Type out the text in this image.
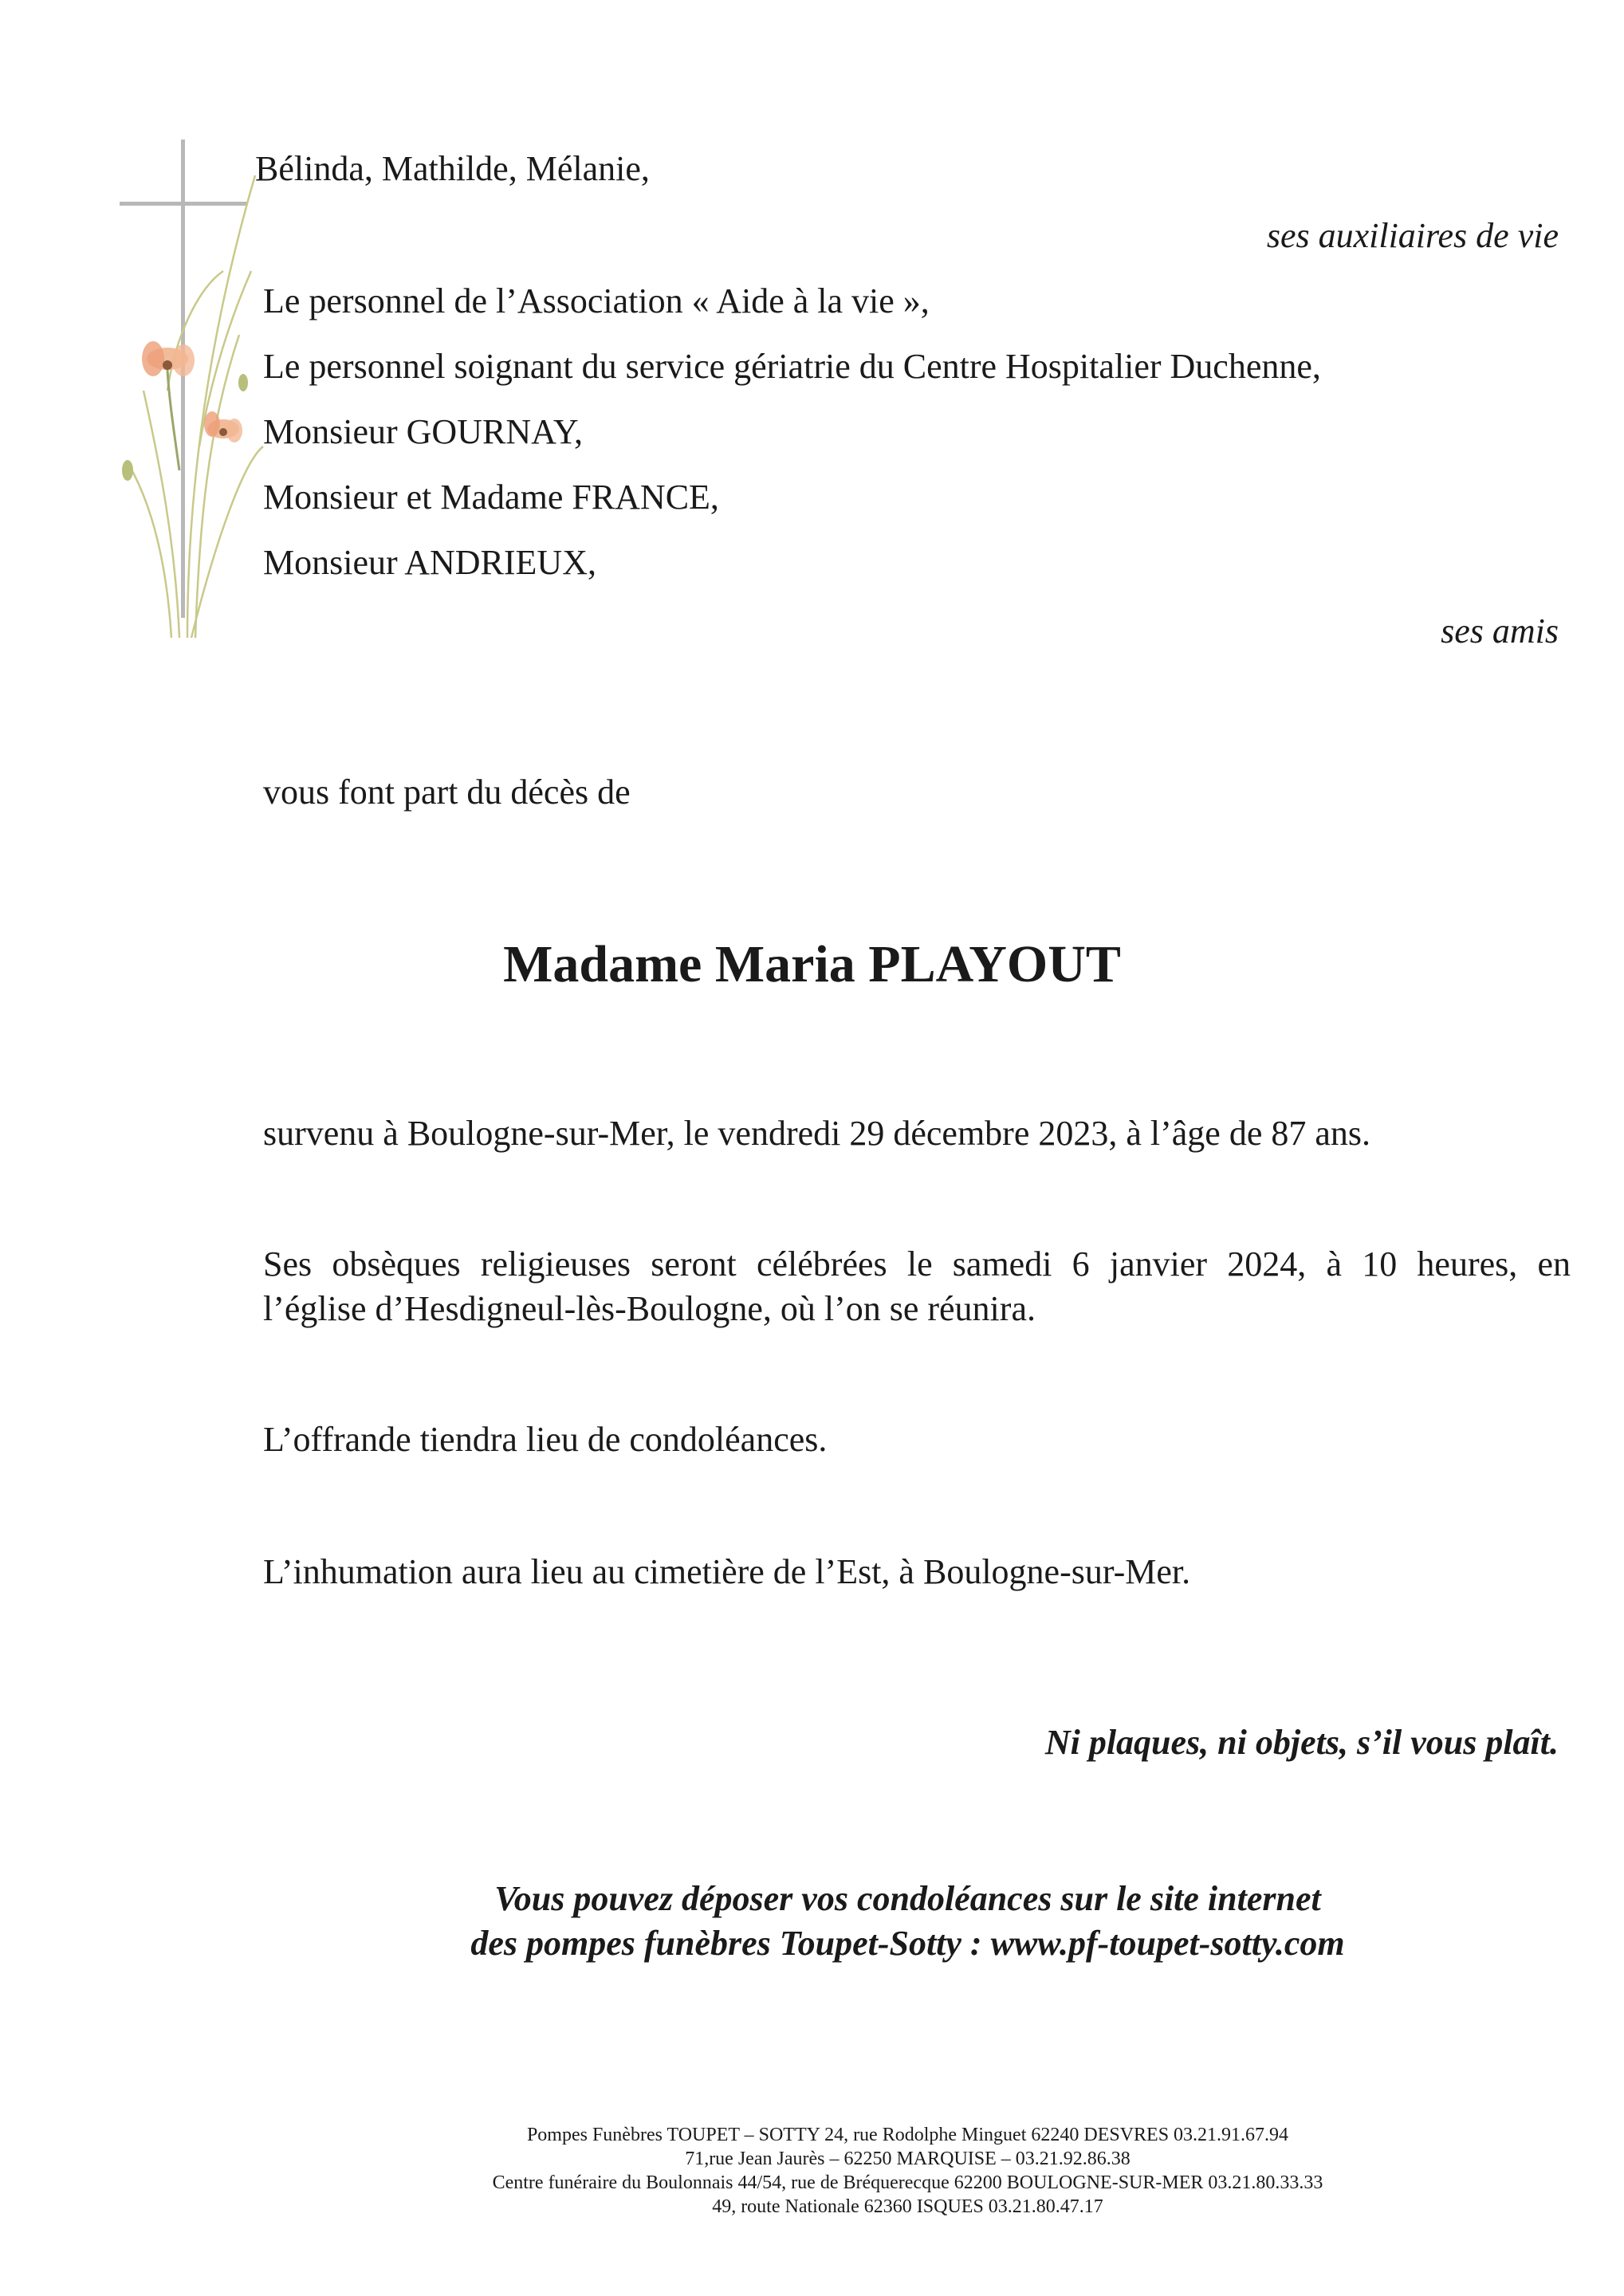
Bélinda, Mathilde, Mélanie,
ses auxiliaires de vie
Le personnel de l’Association « Aide à la vie »,
Le personnel soignant du service gériatrie du Centre Hospitalier Duchenne,
Monsieur GOURNAY,
Monsieur et Madame FRANCE,
Monsieur ANDRIEUX,
ses amis
vous font part du décès de
Madame Maria PLAYOUT
survenu à Boulogne-sur-Mer, le vendredi 29 décembre 2023, à l’âge de 87 ans.
Ses obsèques religieuses seront célébrées le samedi 6 janvier 2024, à 10 heures, en
l’église d’Hesdigneul-lès-Boulogne, où l’on se réunira.
L’offrande tiendra lieu de condoléances.
L’inhumation aura lieu au cimetière de l’Est, à Boulogne-sur-Mer.
Ni plaques, ni objets, s’il vous plaît.
Vous pouvez déposer vos condoléances sur le site internet
des pompes funèbres Toupet-Sotty : www.pf-toupet-sotty.com
Pompes Funèbres TOUPET – SOTTY 24, rue Rodolphe Minguet 62240 DESVRES 03.21.91.67.94
71,rue Jean Jaurès – 62250 MARQUISE – 03.21.92.86.38
Centre funéraire du Boulonnais 44/54, rue de Bréquerecque 62200 BOULOGNE-SUR-MER 03.21.80.33.33
49, route Nationale 62360 ISQUES 03.21.80.47.17
